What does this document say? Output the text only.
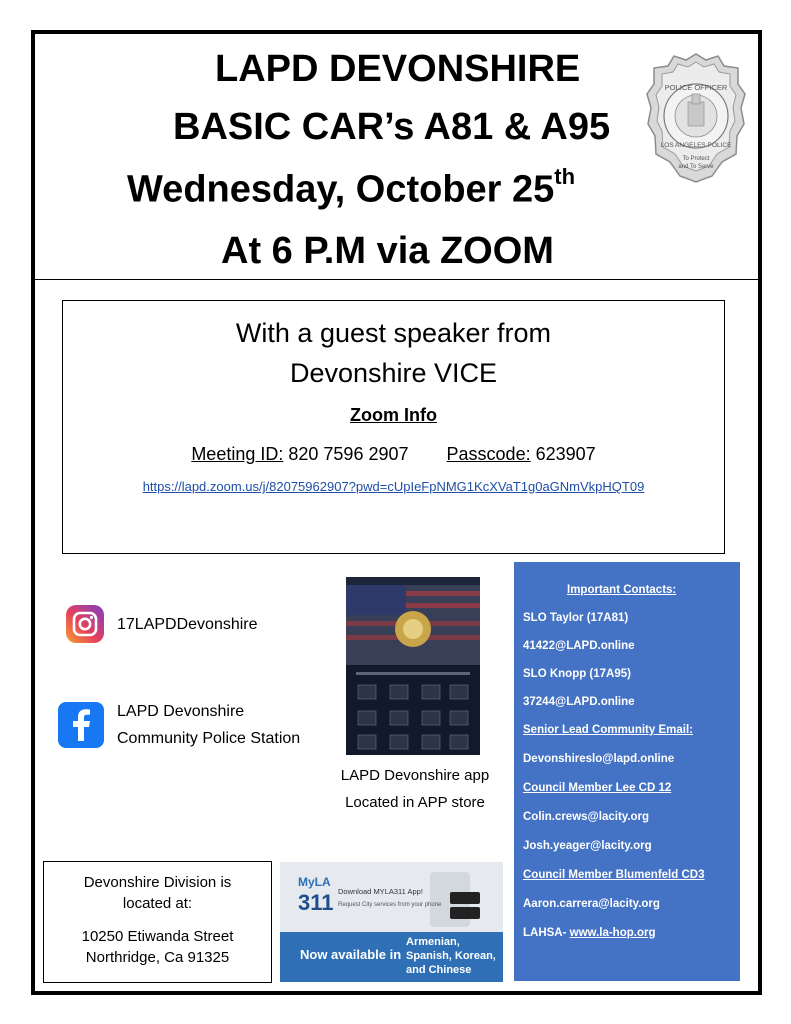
LAPD DEVONSHIRE
BASIC CAR’s A81 & A95
Wednesday, October 25th
At 6 P.M via ZOOM
POLICE OFFICER
LOS ANGELES POLICE
To Protect
and To Serve
With a guest speaker from
Devonshire VICE
Zoom Info
Meeting ID: 820 7596 2907 Passcode: 623907
https://lapd.zoom.us/j/82075962907?pwd=cUpIeFpNMG1KcXVaT1g0aGNmVkpHQT09
17LAPDDevonshire
LAPD Devonshire
Community Police Station
LAPD Devonshire app
Located in APP store
Important Contacts:
SLO Taylor (17A81)
41422@LAPD.online
SLO Knopp (17A95)
37244@LAPD.online
Senior Lead Community Email:
Devonshireslo@lapd.online
Council Member Lee CD 12
Colin.crews@lacity.org
Josh.yeager@lacity.org
Council Member Blumenfeld CD3
Aaron.carrera@lacity.org
LAHSA- www.la-hop.org
Devonshire Division is
located at:
10250 Etiwanda Street
Northridge, Ca 91325
MyLA
311 Download MYLA311 App!
Request City services from your phone
Now available in
Armenian,
Spanish, Korean,
and Chinese
